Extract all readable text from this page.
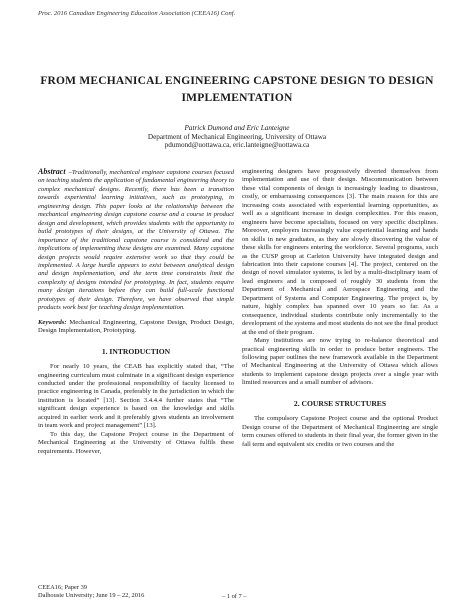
Proc. 2016 Canadian Engineering Education Association (CEEA16) Conf.
FROM MECHANICAL ENGINEERING CAPSTONE DESIGN TO DESIGN
IMPLEMENTATION
Patrick Dumond and Eric Lanteigne
Department of Mechanical Engineering, University of Ottawa
pdumond@uottawa.ca, eric.lanteigne@uottawa.ca

Abstract –Traditionally, mechanical engineer capstone courses focused on teaching students the application of fundamental engineering theory to complex mechanical designs. Recently, there has been a transition towards experiential learning initiatives, such as prototyping, in engineering design. This paper looks at the relationship between the mechanical engineering design capstone course and a course in product design and development, which provides students with the opportunity to build prototypes of their designs, at the University of Ottawa. The importance of the traditional capstone course is considered and the implications of implementing these designs are examined. Many capstone design projects would require extensive work so that they could be implemented. A large hurdle appears to exist between analytical design and design implementation, and the term time constraints limit the complexity of designs intended for prototyping. In fact, students require many design iterations before they can build full-scale functional prototypes of their design. Therefore, we have observed that simple products work best for teaching design implementation.

Keywords: Mechanical Engineering, Capstone Design, Product Design, Design Implementation, Prototyping.

1. INTRODUCTION

For nearly 10 years, the CEAB has explicitly stated that, “The engineering curriculum must culminate in a significant design experience conducted under the professional responsibility of faculty licensed to practice engineering in Canada, preferably in the jurisdiction in which the institution is located” [13]. Section 3.4.4.4 further states that “The significant design experience is based on the knowledge and skills acquired in earlier work and it preferably gives students an involvement in team work and project management” [13].

To this day, the Capstone Project course in the Department of Mechanical Engineering at the University of Ottawa fulfils these requirements. However,

engineering designers have progressively diverted themselves from implementation and use of their design. Miscommunication between these vital components of design is increasingly leading to disastrous, costly, or embarrassing consequences [3]. The main reason for this are increasing costs associated with experiential learning opportunities, as well as a significant increase in design complexities. For this reason, engineers have become specialists, focused on very specific disciplines. Moreover, employers increasingly value experiential learning and hands on skills in new graduates, as they are slowly discovering the value of these skills for engineers entering the workforce. Several programs, such as the CUSP group at Carleton University have integrated design and fabrication into their capstone courses [4]. The project, centered on the design of novel simulator systems, is led by a multi-disciplinary team of lead engineers and is composed of roughly 30 students from the Department of Mechanical and Aerospace Engineering and the Department of Systems and Computer Engineering. The project is, by nature, highly complex has spanned over 10 years so far. As a consequence, individual students contribute only incrementally to the development of the systems and most students do not see the final product at the end of their program.

Many institutions are now trying to re-balance theoretical and practical engineering skills in order to produce better engineers. The following paper outlines the new framework available in the Department of Mechanical Engineering at the University of Ottawa which allows students to implement capstone design projects over a single year with limited resources and a small number of advisors.

2. COURSE STRUCTURES

The compulsory Capstone Project course and the optional Product Design course of the Department of Mechanical Engineering are single term courses offered to students in their final year, the former given in the fall term and equivalent six credits or two courses and the

CEEA16; Paper 39
Dalhousie University; June 19 – 22, 2016	– 1 of 7 –
